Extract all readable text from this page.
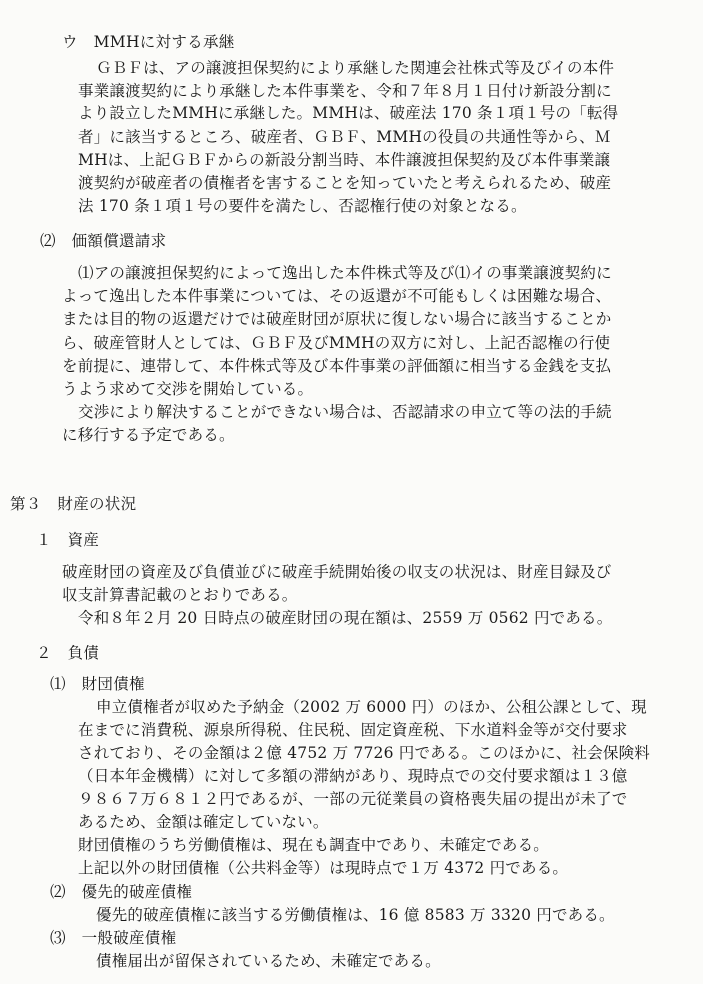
ウ　MMHに対する承継
ＧＢＦは、アの譲渡担保契約により承継した関連会社株式等及びイの本件
事業譲渡契約により承継した本件事業を、令和７年８月１日付け新設分割に
より設立したMMHに承継した。MMHは、破産法 170 条１項１号の「転得
者」に該当するところ、破産者、ＧＢＦ、MMHの役員の共通性等から、Ｍ
MHは、上記ＧＢＦからの新設分割当時、本件譲渡担保契約及び本件事業譲
渡契約が破産者の債権者を害することを知っていたと考えられるため、破産
法 170 条１項１号の要件を満たし、否認権行使の対象となる。
⑵　価額償還請求
⑴アの譲渡担保契約によって逸出した本件株式等及び⑴イの事業譲渡契約に
よって逸出した本件事業については、その返還が不可能もしくは困難な場合、
または目的物の返還だけでは破産財団が原状に復しない場合に該当することか
ら、破産管財人としては、ＧＢＦ及びMMHの双方に対し、上記否認権の行使
を前提に、連帯して、本件株式等及び本件事業の評価額に相当する金銭を支払
うよう求めて交渉を開始している。
交渉により解決することができない場合は、否認請求の申立て等の法的手続
に移行する予定である。
第３　財産の状況
１　資産
破産財団の資産及び負債並びに破産手続開始後の収支の状況は、財産目録及び
収支計算書記載のとおりである。
令和８年２月 20 日時点の破産財団の現在額は、2559 万 0562 円である。
２　負債
⑴　財団債権
申立債権者が収めた予納金（2002 万 6000 円）のほか、公租公課として、現
在までに消費税、源泉所得税、住民税、固定資産税、下水道料金等が交付要求
されており、その金額は２億 4752 万 7726 円である。このほかに、社会保険料
（日本年金機構）に対して多額の滞納があり、現時点での交付要求額は１３億
９８６７万６８１２円であるが、一部の元従業員の資格喪失届の提出が未了で
あるため、金額は確定していない。
財団債権のうち労働債権は、現在も調査中であり、未確定である。
上記以外の財団債権（公共料金等）は現時点で１万 4372 円である。
⑵　優先的破産債権
優先的破産債権に該当する労働債権は、16 億 8583 万 3320 円である。
⑶　一般破産債権
債権届出が留保されているため、未確定である。
